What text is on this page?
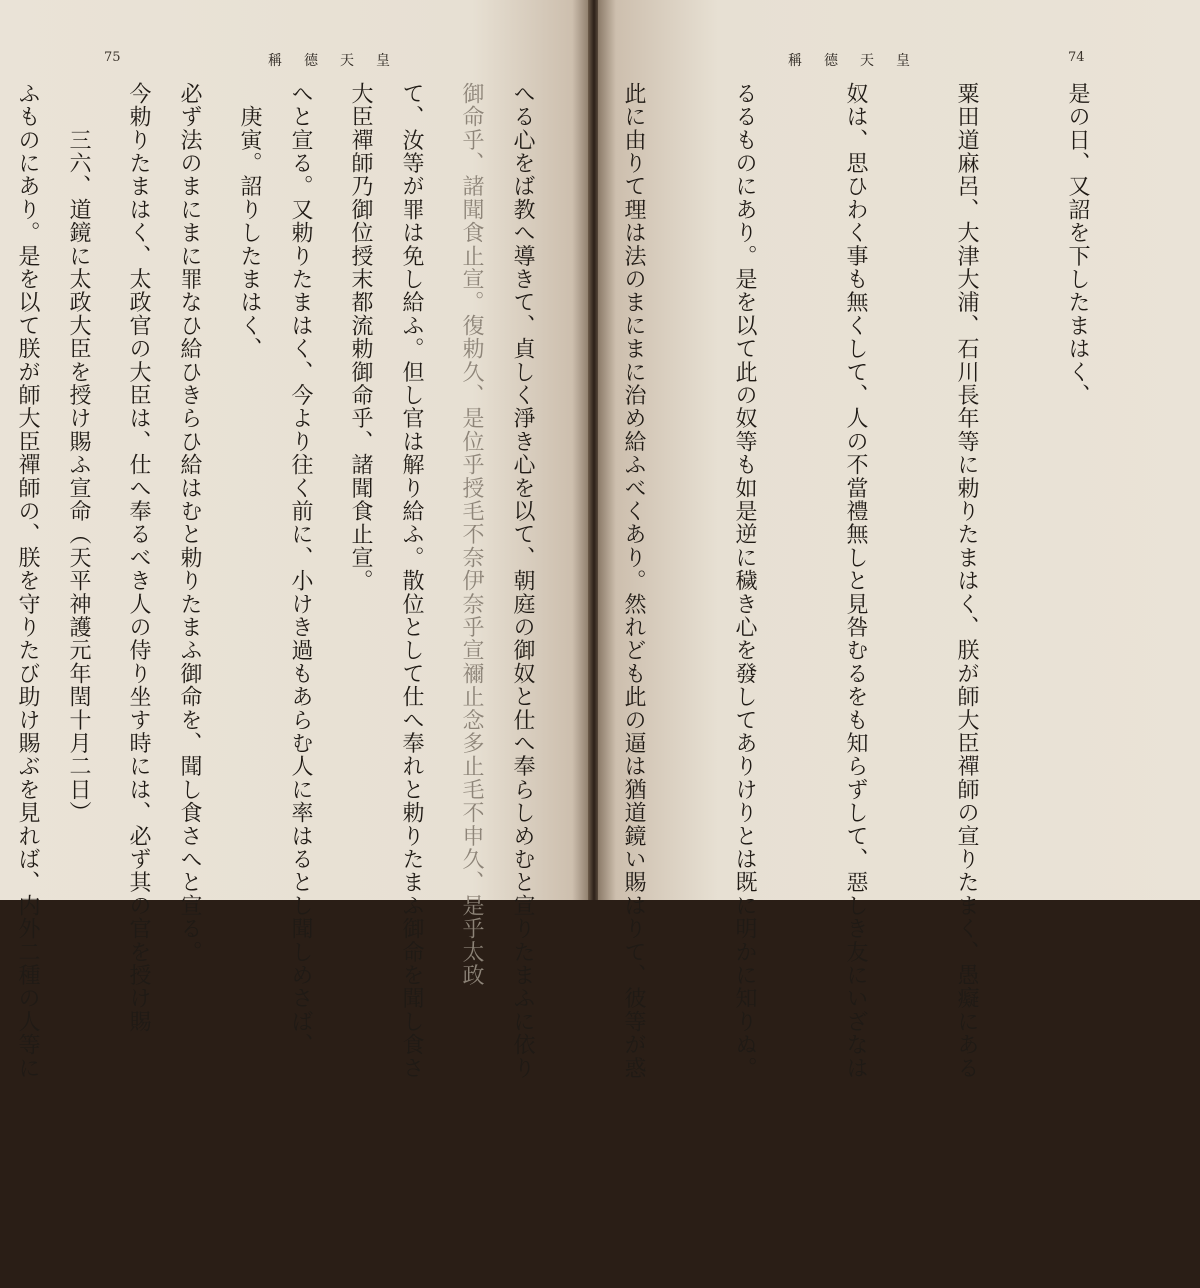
75	稱德天皇

御命乎、諸聞食止宣。復勅久、是位乎授毛不奈伊奈乎宣禰止念多止毛不申久、是乎太政

大臣禪師乃御位授末都流勅御命乎、諸聞食止宣。

　庚寅。詔りしたまはく、

今勅りたまはく、太政官の大臣は、仕へ奉るべき人の侍り坐す時には、必ず其の官を授け賜

ふものにあり。是を以て朕が師大臣禪師の、朕を守りたび助け賜ぶを見れば、内外二種の人等に

稱德天皇	74

是の日、又詔を下したまはく、

粟田道麻呂、大津大浦、石川長年等に勅りたまはく、朕が師大臣禪師の宣りたまく、愚癡にある

奴は、思ひわく事も無くして、人の不當禮無しと見咎むるをも知らずして、惡しき友にいざなは

るるものにあり。是を以て此の奴等も如是逆に穢き心を發してありけりとは既に明かに知りぬ。

此に由りて理は法のまにまに治め給ふべくあり。然れども此の逼は猶道鏡い賜はりて、彼等が惑

へる心をば教へ導きて、貞しく淨き心を以て、朝庭の御奴と仕へ奉らしめむと宣りたまふに依り

て、汝等が罪は免し給ふ。但し官は解り給ふ。散位として仕へ奉れと勅りたまふ御命を聞し食さ

へと宣る。又勅りたまはく、今より往く前に、小けき過もあらむ人に率はるとし聞しめさば、

必ず法のまにまに罪なひ給ひきらひ給はむと勅りたまふ御命を、聞し食さへと宣る。

　　三六、道鏡に太政大臣を授け賜ふ宣命（天平神護元年閏十月二日）
